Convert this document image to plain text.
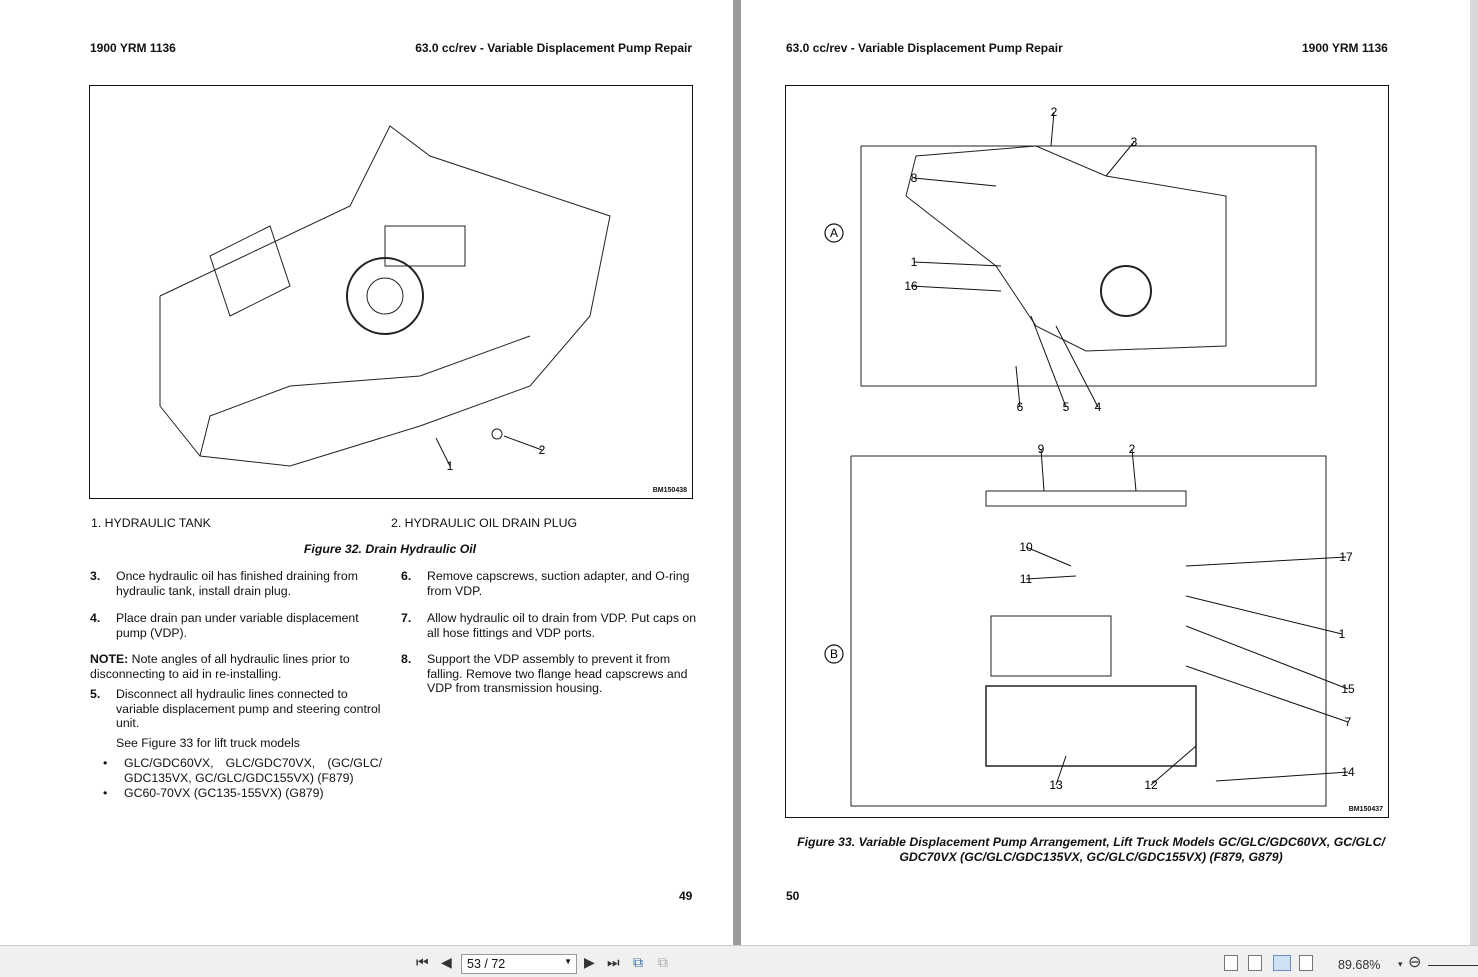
1900 YRM 1136	63.0 cc/rev - Variable Displacement Pump Repair
1
2
BM150438
1. HYDRAULIC TANK	2. HYDRAULIC OIL DRAIN PLUG
Figure 32. Drain Hydraulic Oil
3. Once hydraulic oil has finished draining from hydraulic tank, install drain plug.
4. Place drain pan under variable displacement pump (VDP).
NOTE: Note angles of all hydraulic lines prior to disconnecting to aid in re-installing.
5. Disconnect all hydraulic lines connected to variable displacement pump and steering control unit.
See Figure 33 for lift truck models
• GLC/GDC60VX, GLC/GDC70VX, (GC/GLC/ GDC135VX, GC/GLC/GDC155VX) (F879)
• GC60-70VX (GC135-155VX) (G879)
6. Remove capscrews, suction adapter, and O-ring from VDP.
7. Allow hydraulic oil to drain from VDP. Put caps on all hose fittings and VDP ports.
8. Support the VDP assembly to prevent it from falling. Remove two flange head capscrews and VDP from transmission housing.
49
63.0 cc/rev - Variable Displacement Pump Repair	1900 YRM 1136
2
3
8
1
16
6	5 4
9	2
10
11
17
1
15
7
14
13	12
A
B
BM150437
Figure 33. Variable Displacement Pump Arrangement, Lift Truck Models GC/GLC/GDC60VX, GC/GLC/ GDC70VX (GC/GLC/GDC135VX, GC/GLC/GDC155VX) (F879, G879)
50
⏮ ◀	53 / 72	▼ ▶ ⏭ ⧉ ⧉	89.68% ▾ ⊖
